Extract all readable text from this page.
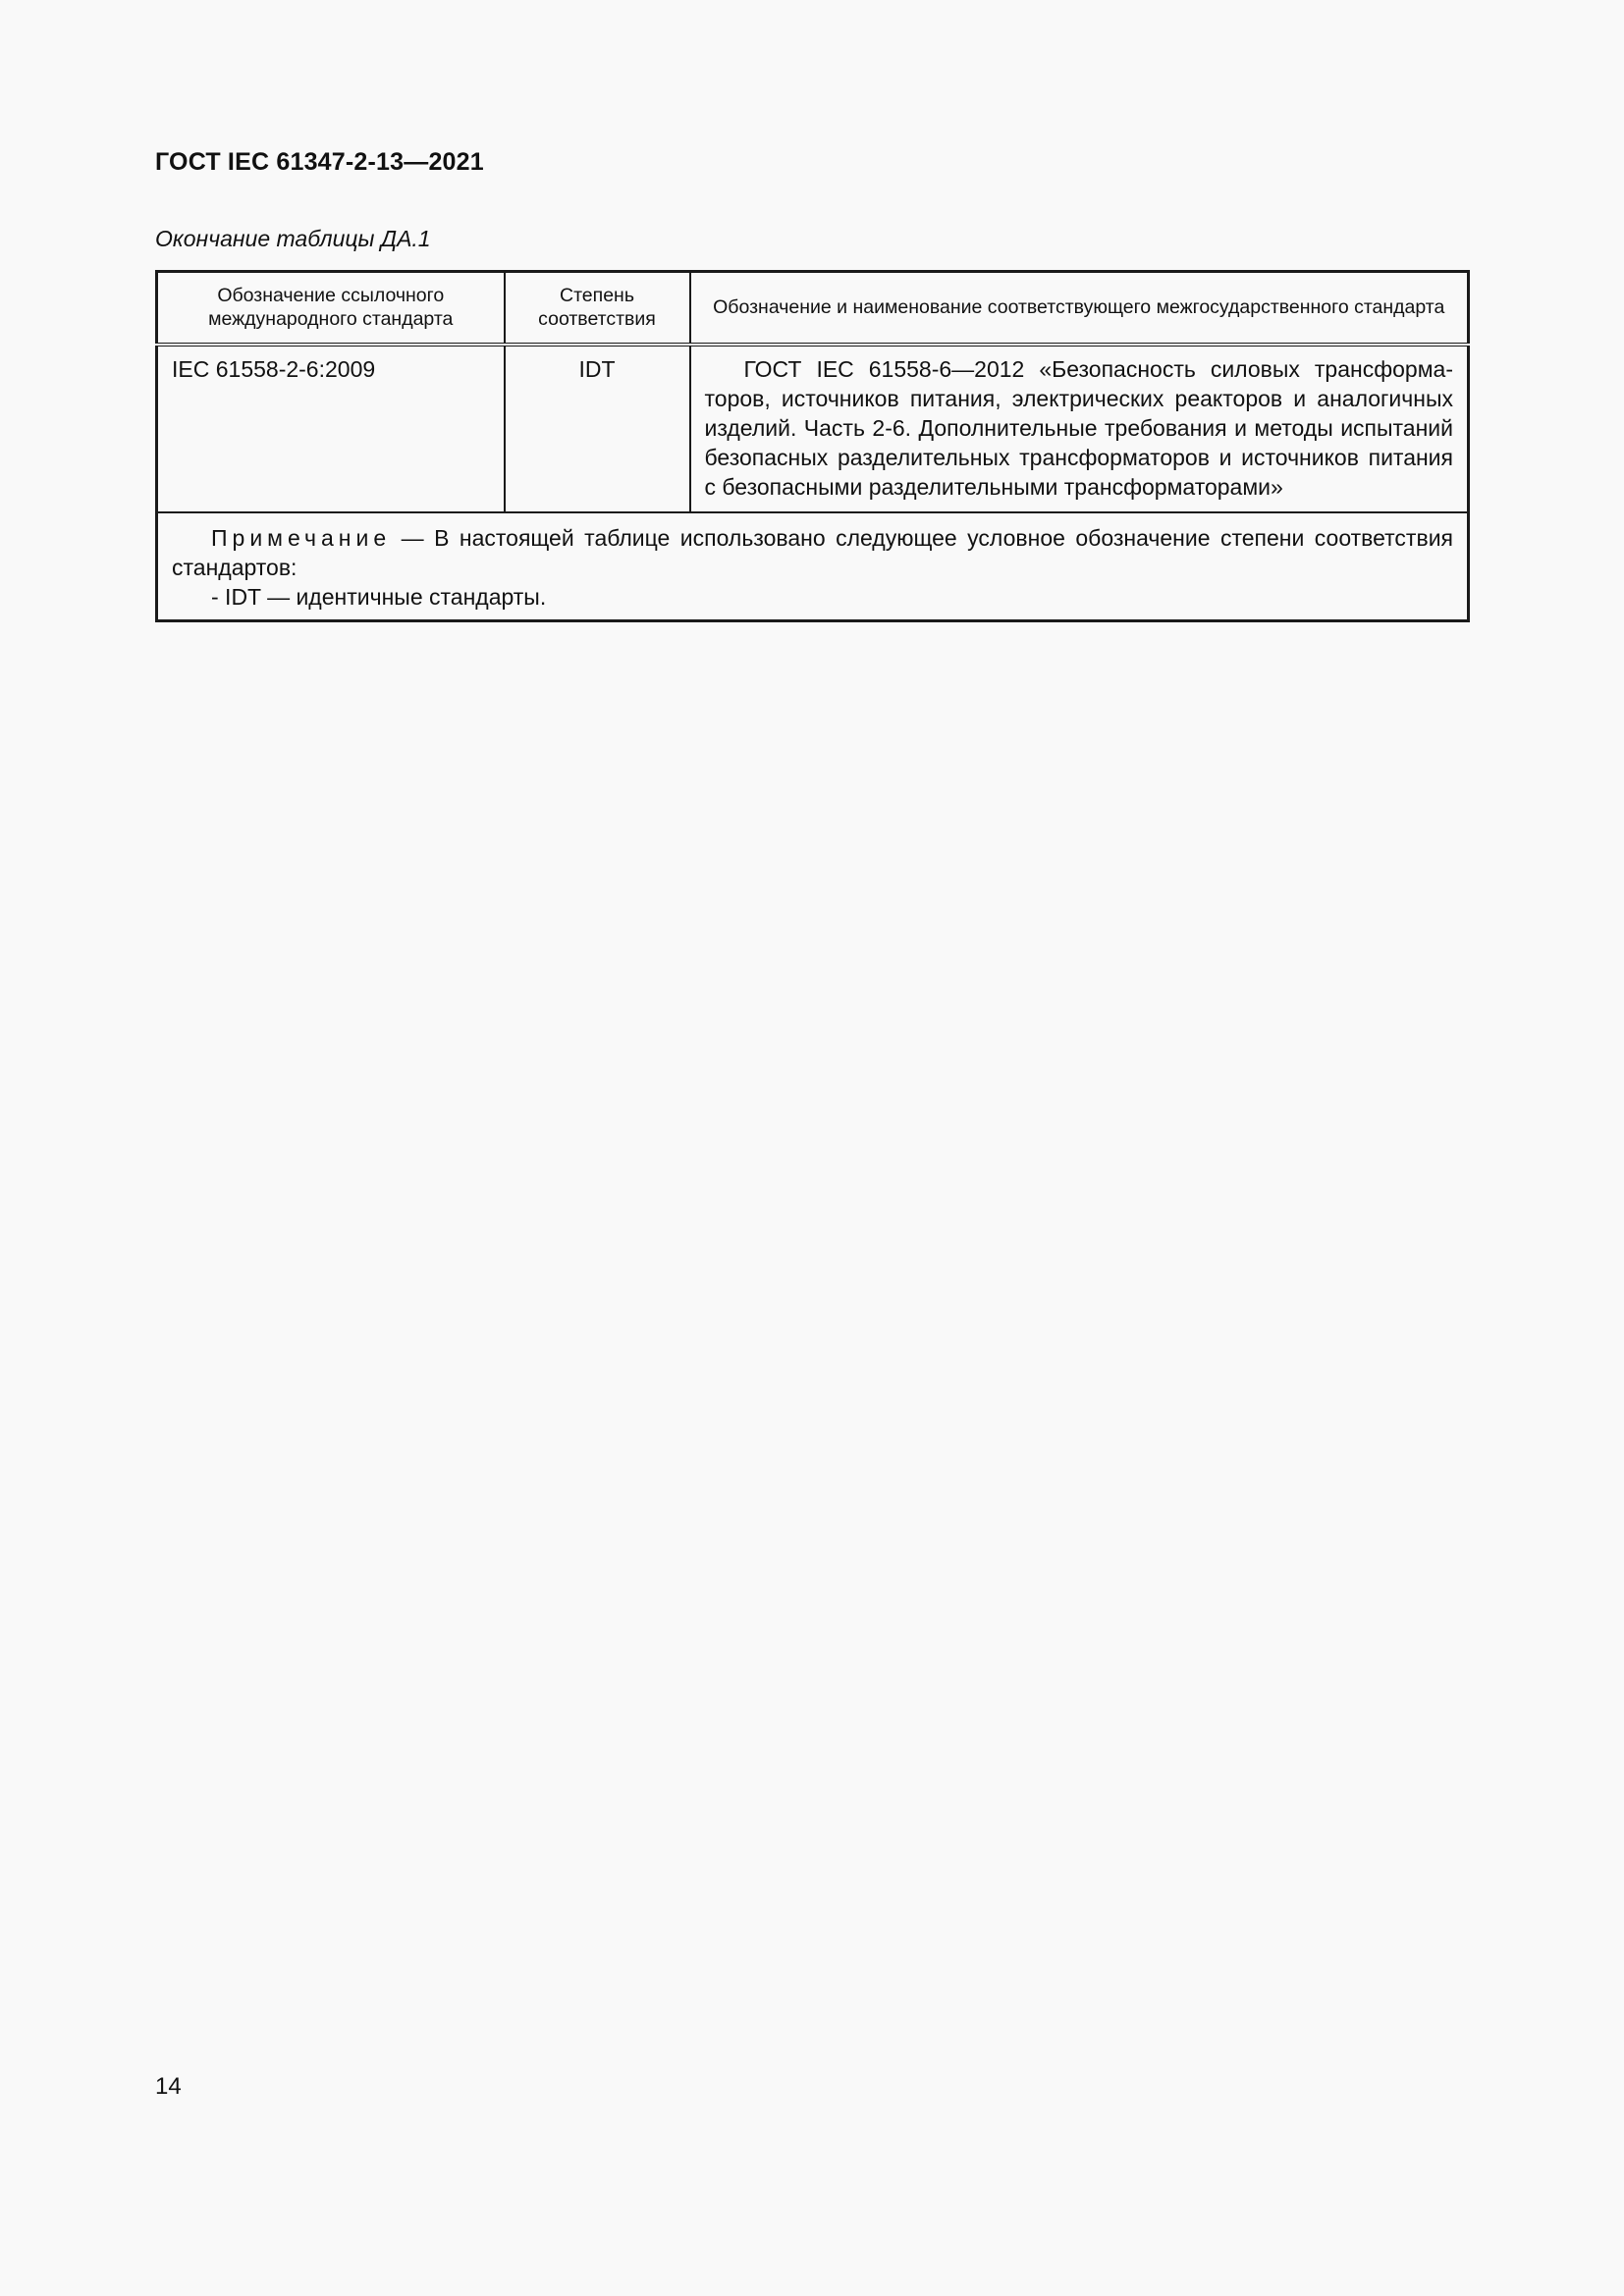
ГОСТ IEC 61347-2-13—2021
Окончание таблицы ДА.1
Обозначение ссылочного международного стандарта	Степень соответствия	Обозначение и наименование соответствующего межгосударственного стандарта
IEC 61558-2-6:2009	IDT	ГОСТ IEC 61558-6—2012 «Безопасность силовых трансформаторов, источников питания, электрических реакторов и аналогичных изделий. Часть 2-6. Дополнительные требования и методы испытаний безопасных разделительных трансформаторов и источников питания с безопасными разделительными трансформаторами»

Примечание — В настоящей таблице использовано следующее условное обозначение степени соответствия стандартов:
- IDT — идентичные стандарты.		
14
